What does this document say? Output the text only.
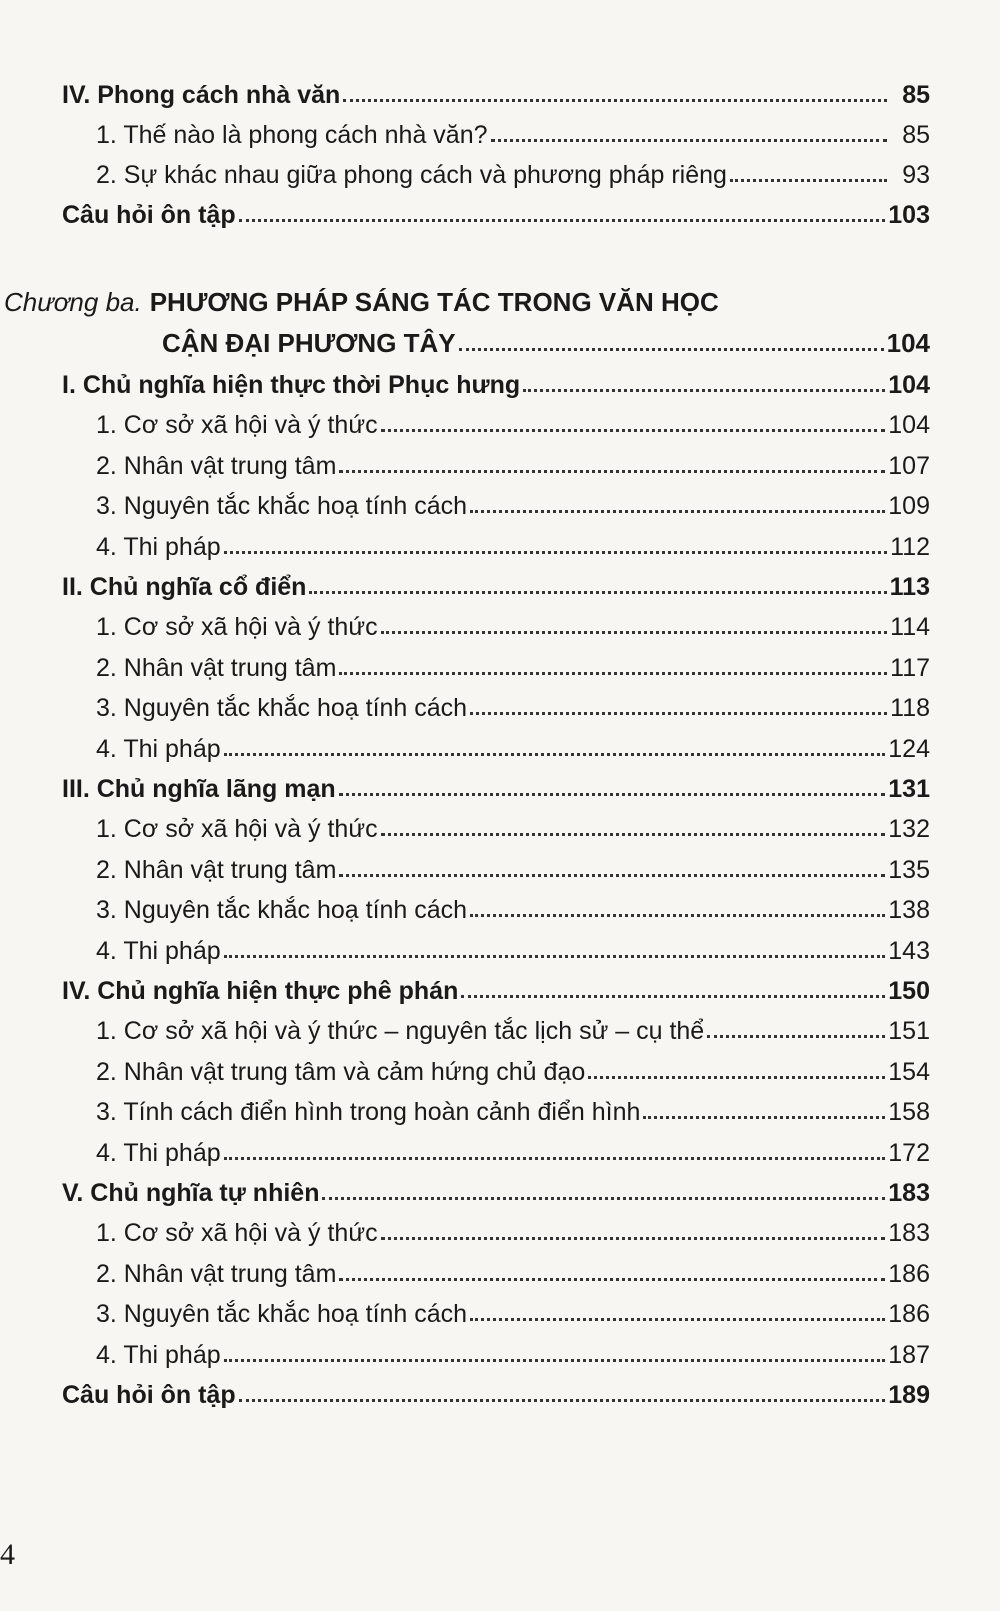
IV. Phong cách nhà văn	85
1. Thế nào là phong cách nhà văn?	85
2. Sự khác nhau giữa phong cách và phương pháp riêng	93
Câu hỏi ôn tập	103
Chương ba. PHƯƠNG PHÁP SÁNG TÁC TRONG VĂN HỌC
CẬN ĐẠI PHƯƠNG TÂY	104
I. Chủ nghĩa hiện thực thời Phục hưng	104
1. Cơ sở xã hội và ý thức	104
2. Nhân vật trung tâm	107
3. Nguyên tắc khắc hoạ tính cách	109
4. Thi pháp	112
II. Chủ nghĩa cổ điển	113
1. Cơ sở xã hội và ý thức	114
2. Nhân vật trung tâm	117
3. Nguyên tắc khắc hoạ tính cách	118
4. Thi pháp	124
III. Chủ nghĩa lãng mạn	131
1. Cơ sở xã hội và ý thức	132
2. Nhân vật trung tâm	135
3. Nguyên tắc khắc hoạ tính cách	138
4. Thi pháp	143
IV. Chủ nghĩa hiện thực phê phán	150
1. Cơ sở xã hội và ý thức – nguyên tắc lịch sử – cụ thể	151
2. Nhân vật trung tâm và cảm hứng chủ đạo	154
3. Tính cách điển hình trong hoàn cảnh điển hình	158
4. Thi pháp	172
V. Chủ nghĩa tự nhiên	183
1. Cơ sở xã hội và ý thức	183
2. Nhân vật trung tâm	186
3. Nguyên tắc khắc hoạ tính cách	186
4. Thi pháp	187
Câu hỏi ôn tập	189
4
